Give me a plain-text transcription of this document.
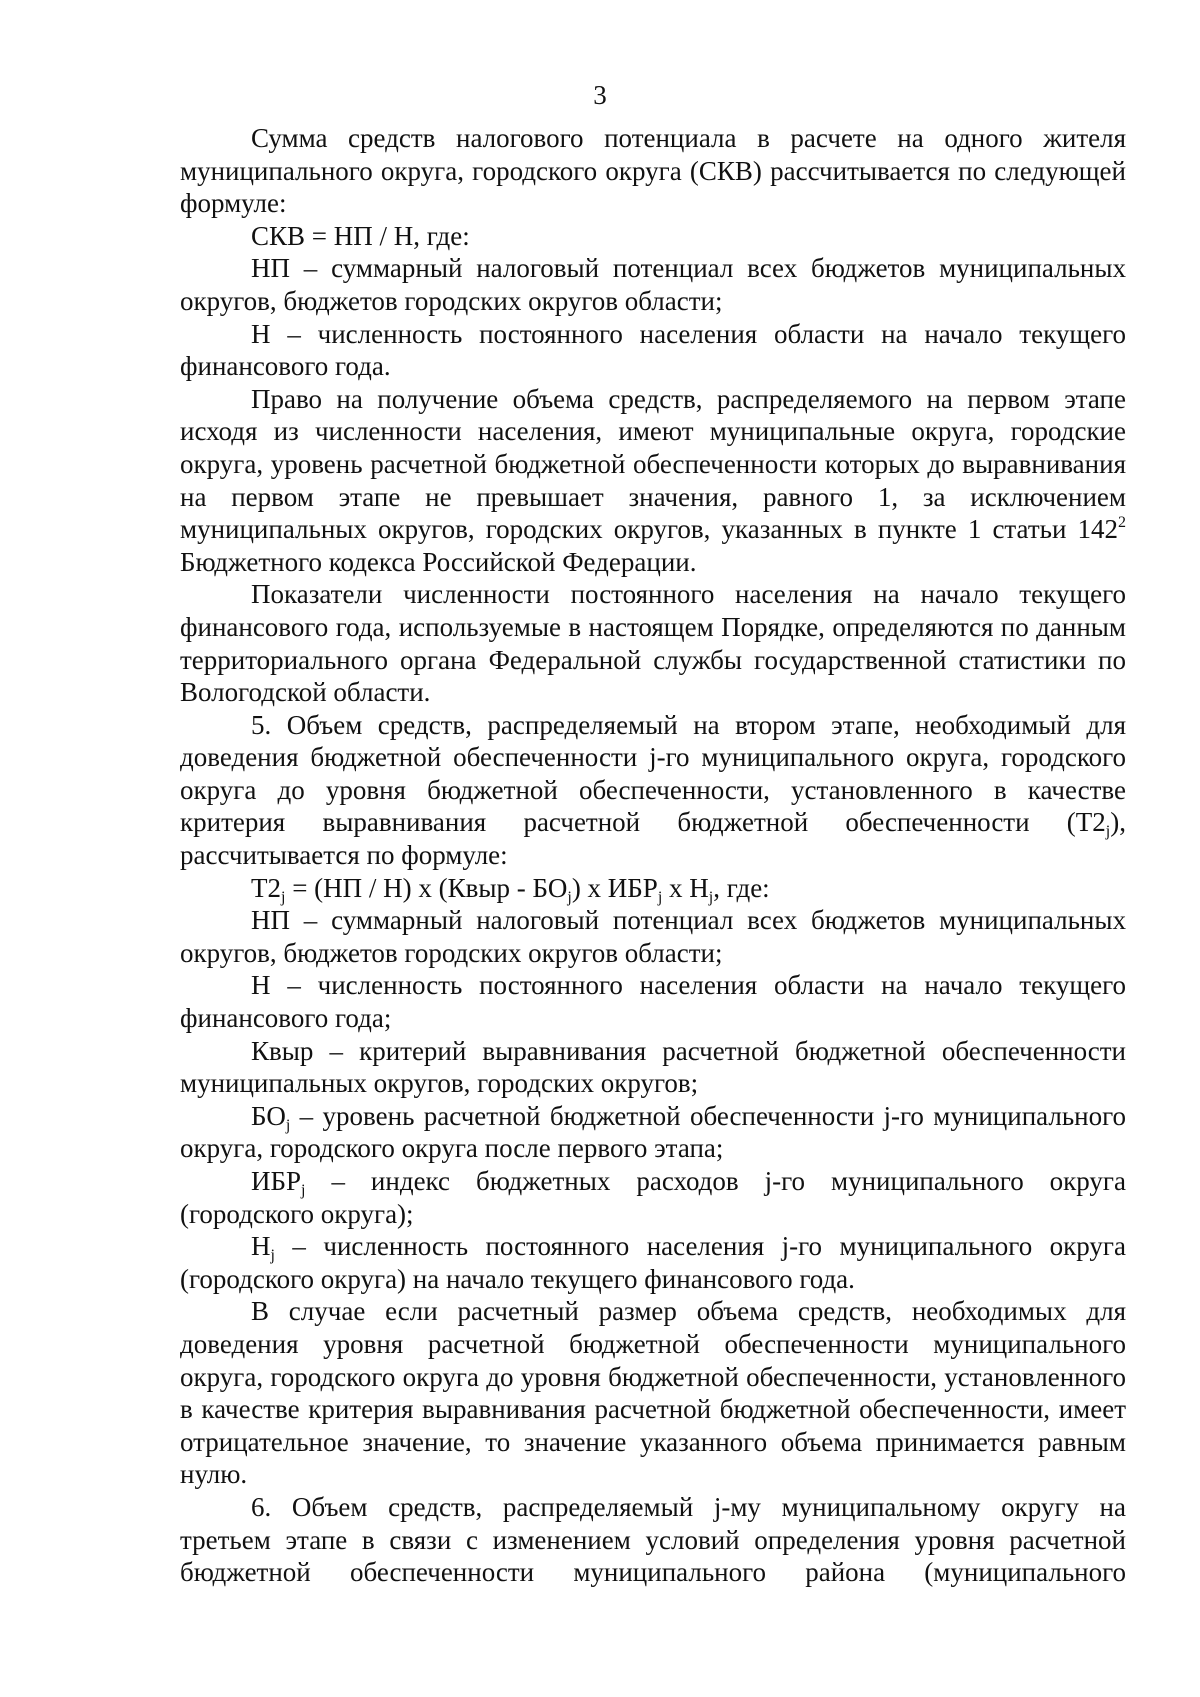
3

Сумма средств налогового потенциала в расчете на одного жителя муниципального округа, городского округа (СКВ) рассчитывается по следующей формуле:

СКВ = НП / Н, где:

НП – суммарный налоговый потенциал всех бюджетов муниципальных округов, бюджетов городских округов области;

Н – численность постоянного населения области на начало текущего финансового года.

Право на получение объема средств, распределяемого на первом этапе исходя из численности населения, имеют муниципальные округа, городские округа, уровень расчетной бюджетной обеспеченности которых до выравнивания на первом этапе не превышает значения, равного 1, за исключением муниципальных округов, городских округов, указанных в пункте 1 статьи $142^2$ Бюджетного кодекса Российской Федерации.

Показатели численности постоянного населения на начало текущего финансового года, используемые в настоящем Порядке, определяются по данным территориального органа Федеральной службы государственной статистики по Вологодской области.

5. Объем средств, распределяемый на втором этапе, необходимый для доведения бюджетной обеспеченности j-го муниципального округа, городского округа до уровня бюджетной обеспеченности, установленного в качестве критерия выравнивания расчетной бюджетной обеспеченности $(Т2_j)$, рассчитывается по формуле:

$Т2_j = (НП / Н)$ х (Квыр - $БО_j$) х $ИБР_j$ х $Н_j$, где:

НП – суммарный налоговый потенциал всех бюджетов муниципальных округов, бюджетов городских округов области;

Н – численность постоянного населения области на начало текущего финансового года;

Квыр – критерий выравнивания расчетной бюджетной обеспеченности муниципальных округов, городских округов;

$БО_j$ – уровень расчетной бюджетной обеспеченности j-го муниципального округа, городского округа после первого этапа;

$ИБР_j$ – индекс бюджетных расходов j-го муниципального округа (городского округа);

$Н_j$ – численность постоянного населения j-го муниципального округа (городского округа) на начало текущего финансового года.

В случае если расчетный размер объема средств, необходимых для доведения уровня расчетной бюджетной обеспеченности муниципального округа, городского округа до уровня бюджетной обеспеченности, установленного в качестве критерия выравнивания расчетной бюджетной обеспеченности, имеет отрицательное значение, то значение указанного объема принимается равным нулю.

6. Объем средств, распределяемый j-му муниципальному округу на третьем этапе в связи с изменением условий определения уровня расчетной бюджетной обеспеченности муниципального района (муниципального
